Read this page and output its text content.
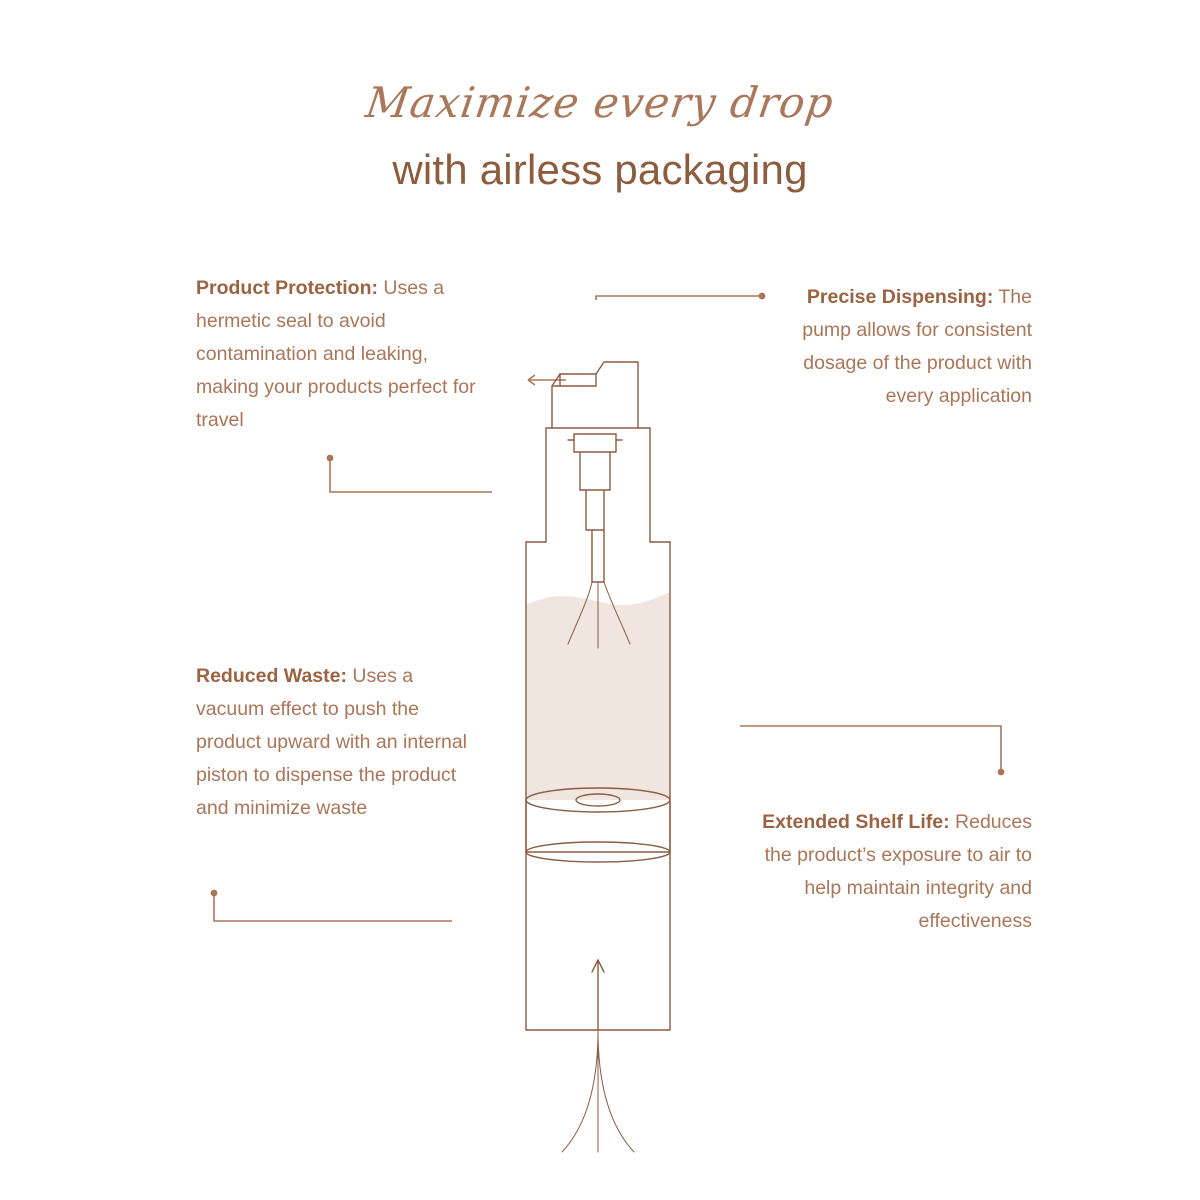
Maximize every drop
with airless packaging
Product Protection: Uses a hermetic seal to avoid contamination and leaking, making your products perfect for travel
Reduced Waste: Uses a vacuum effect to push the product upward with an internal piston to dispense the product and minimize waste
Precise Dispensing: The pump allows for consistent dosage of the product with every application
Extended Shelf Life: Reduces the product’s exposure to air to help maintain integrity and effectiveness
